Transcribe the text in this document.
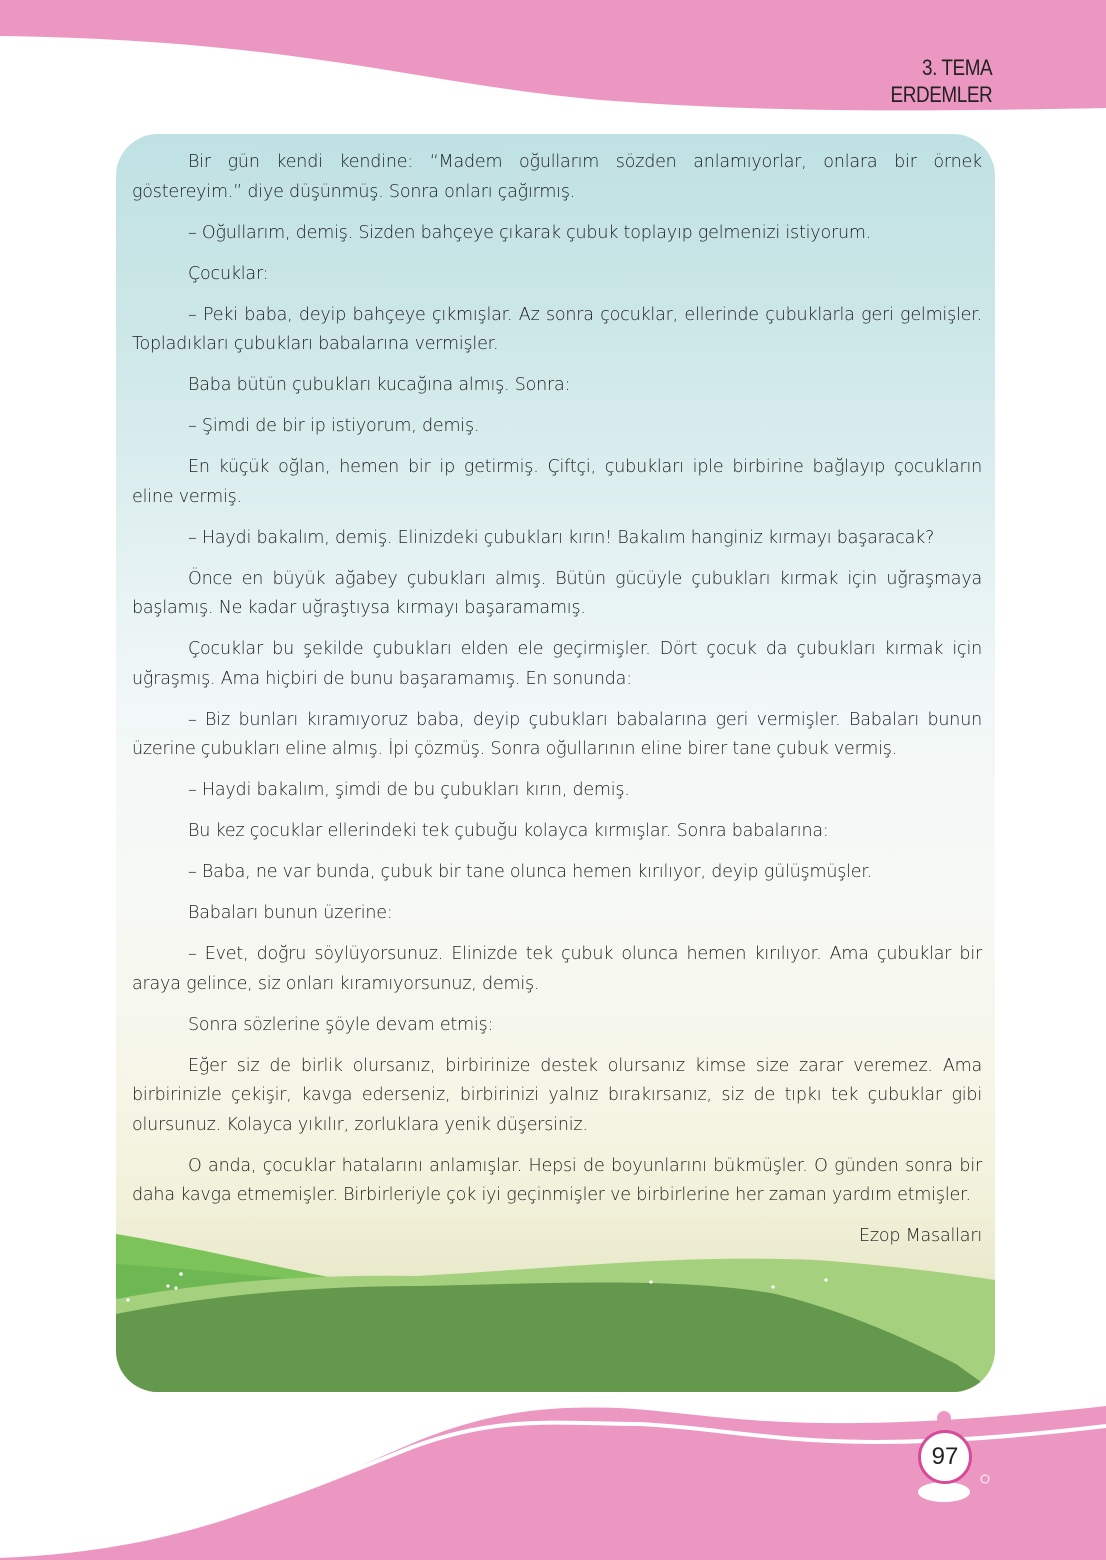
3. TEMA
ERDEMLER

Bir gün kendi kendine: “Madem oğullarım sözden anlamıyorlar, onlara bir örnek göstereyim.” diye düşünmüş. Sonra onları çağırmış.

– Oğullarım, demiş. Sizden bahçeye çıkarak çubuk toplayıp gelmenizi istiyorum.

Çocuklar:

– Peki baba, deyip bahçeye çıkmışlar. Az sonra çocuklar, ellerinde çubuklarla geri gelmişler. Topladıkları çubukları babalarına vermişler.

Baba bütün çubukları kucağına almış. Sonra:

– Şimdi de bir ip istiyorum, demiş.

En küçük oğlan, hemen bir ip getirmiş. Çiftçi, çubukları iple birbirine bağlayıp çocukların eline vermiş.

– Haydi bakalım, demiş. Elinizdeki çubukları kırın! Bakalım hanginiz kırmayı başaracak?

Önce en büyük ağabey çubukları almış. Bütün gücüyle çubukları kırmak için uğraşmaya başlamış. Ne kadar uğraştıysa kırmayı başaramamış.

Çocuklar bu şekilde çubukları elden ele geçirmişler. Dört çocuk da çubukları kırmak için uğraşmış. Ama hiçbiri de bunu başaramamış. En sonunda:

– Biz bunları kıramıyoruz baba, deyip çubukları babalarına geri vermişler. Babaları bunun üzerine çubukları eline almış. İpi çözmüş. Sonra oğullarının eline birer tane çubuk vermiş.

– Haydi bakalım, şimdi de bu çubukları kırın, demiş.

Bu kez çocuklar ellerindeki tek çubuğu kolayca kırmışlar. Sonra babalarına:

– Baba, ne var bunda, çubuk bir tane olunca hemen kırılıyor, deyip gülüşmüşler.

Babaları bunun üzerine:

– Evet, doğru söylüyorsunuz. Elinizde tek çubuk olunca hemen kırılıyor. Ama çubuklar bir araya gelince, siz onları kıramıyorsunuz, demiş.

Sonra sözlerine şöyle devam etmiş:

Eğer siz de birlik olursanız, birbirinize destek olursanız kimse size zarar veremez. Ama birbirinizle çekişir, kavga ederseniz, birbirinizi yalnız bırakırsanız, siz de tıpkı tek çubuklar gibi olursunuz. Kolayca yıkılır, zorluklara yenik düşersiniz.

O anda, çocuklar hatalarını anlamışlar. Hepsi de boyunlarını bükmüşler. O günden sonra bir daha kavga etmemişler. Birbirleriyle çok iyi geçinmişler ve birbirlerine her zaman yardım etmişler.

Ezop Masalları

97
